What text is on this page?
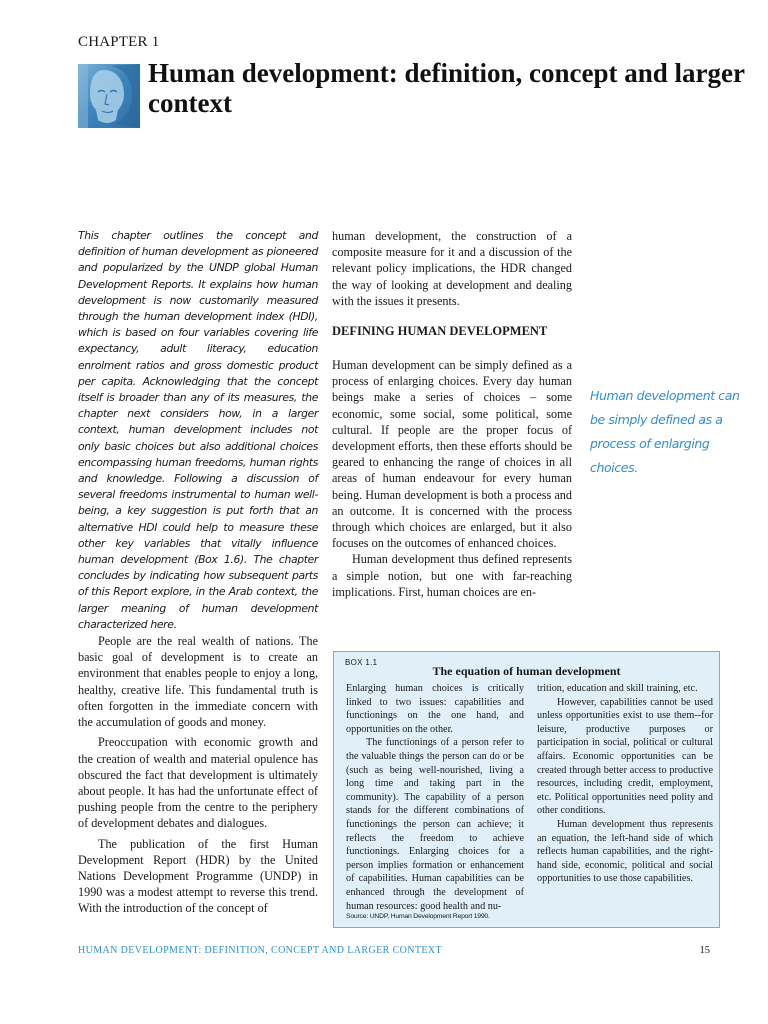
CHAPTER 1
Human development: definition, concept and larger context

This chapter outlines the concept and definition of human development as pioneered and popularized by the UNDP global Human Development Reports. It explains how human development is now customarily measured through the human development index (HDI), which is based on four variables covering life expectancy, adult literacy, education enrolment ratios and gross domestic product per capita. Acknowledging that the concept itself is broader than any of its measures, the chapter next considers how, in a larger context, human development includes not only basic choices but also additional choices encompassing human freedoms, human rights and knowledge. Following a discussion of several freedoms instrumental to human well-being, a key suggestion is put forth that an alternative HDI could help to measure these other key variables that vitally influence human development (Box 1.6). The chapter concludes by indicating how subsequent parts of this Report explore, in the Arab context, the larger meaning of human development characterized here.

People are the real wealth of nations. The basic goal of development is to create an environment that enables people to enjoy a long, healthy, creative life. This fundamental truth is often forgotten in the immediate concern with the accumulation of goods and money.

Preoccupation with economic growth and the creation of wealth and material opulence has obscured the fact that development is ultimately about people. It has had the unfortunate effect of pushing people from the centre to the periphery of development debates and dialogues.

The publication of the first Human Development Report (HDR) by the United Nations Development Programme (UNDP) in 1990 was a modest attempt to reverse this trend. With the introduction of the concept of

human development, the construction of a composite measure for it and a discussion of the relevant policy implications, the HDR changed the way of looking at development and dealing with the issues it presents.

DEFINING HUMAN DEVELOPMENT

Human development can be simply defined as a process of enlarging choices. Every day human beings make a series of choices – some economic, some social, some political, some cultural. If people are the proper focus of development efforts, then these efforts should be geared to enhancing the range of choices in all areas of human endeavour for every human being. Human development is both a process and an outcome. It is concerned with the process through which choices are enlarged, but it also focuses on the outcomes of enhanced choices.

Human development thus defined represents a simple notion, but one with far-reaching implications. First, human choices are en-

Human development can be simply defined as a process of enlarging choices.
BOX 1.1
The equation of human development

Enlarging human choices is critically linked to two issues: capabilities and functionings on the one hand, and opportunities on the other.

The functionings of a person refer to the valuable things the person can do or be (such as being well-nourished, living a long time and taking part in the community). The capability of a person stands for the different combinations of functionings the person can achieve; it reflects the freedom to achieve functionings. Enlarging choices for a person implies formation or enhancement of capabilities. Human capabilities can be enhanced through the development of human resources: good health and nu-

trition, education and skill training, etc.

However, capabilities cannot be used unless opportunities exist to use them--for leisure, productive purposes or participation in social, political or cultural affairs. Economic opportunities can be created through better access to productive resources, including credit, employment, etc. Political opportunities need polity and other conditions.

Human development thus represents an equation, the left-hand side of which reflects human capabilities, and the right-hand side, economic, political and social opportunities to use those capabilities.

Source: UNDP, Human Development Report 1990.
HUMAN DEVELOPMENT: DEFINITION, CONCEPT AND LARGER CONTEXT	15
